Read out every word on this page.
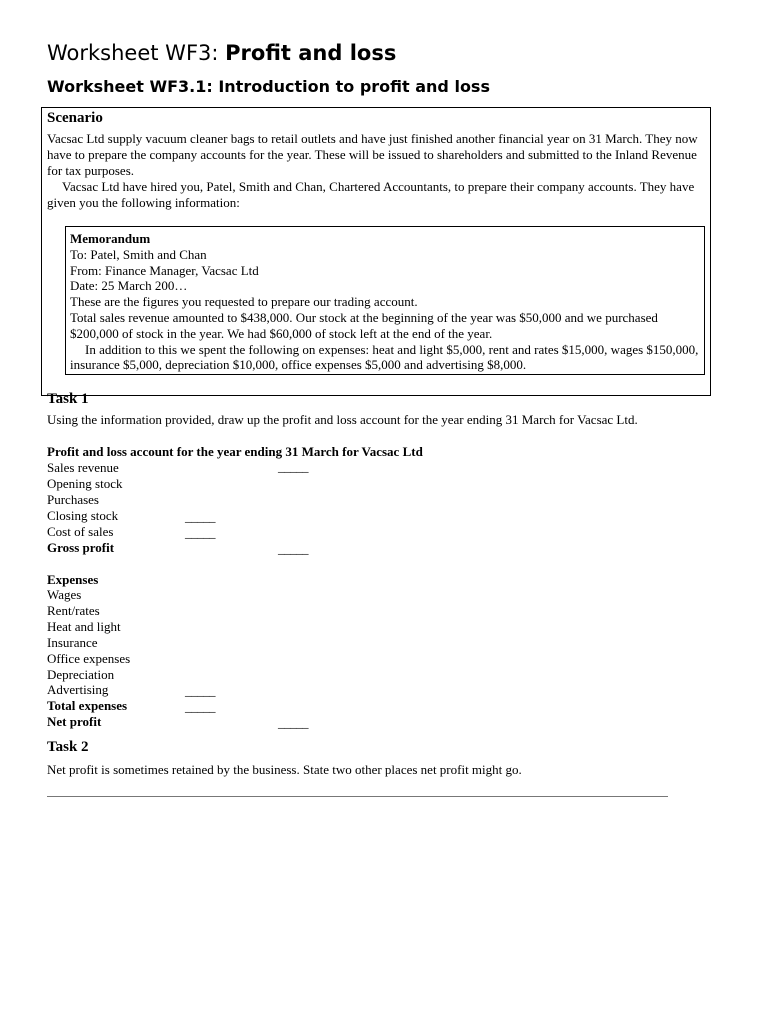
Worksheet WF3: Profit and loss
Worksheet WF3.1: Introduction to profit and loss
Scenario

Vacsac Ltd supply vacuum cleaner bags to retail outlets and have just finished another financial year on 31 March. They now have to prepare the company accounts for the year. These will be issued to shareholders and submitted to the Inland Revenue for tax purposes.

Vacsac Ltd have hired you, Patel, Smith and Chan, Chartered Accountants, to prepare their company accounts. They have given you the following information:

Memorandum
To: Patel, Smith and Chan
From: Finance Manager, Vacsac Ltd
Date: 25 March 200…
These are the figures you requested to prepare our trading account.
Total sales revenue amounted to $438,000. Our stock at the beginning of the year was $50,000 and we purchased $200,000 of stock in the year. We had $60,000 of stock left at the end of the year.
In addition to this we spent the following on expenses: heat and light $5,000, rent and rates $15,000, wages $150,000, insurance $5,000, depreciation $10,000, office expenses $5,000 and advertising $8,000.
Task 1
Using the information provided, draw up the profit and loss account for the year ending 31 March for Vacsac Ltd.
Profit and loss account for the year ending 31 March for Vacsac Ltd
Sales revenue	_____
Opening stock
Purchases
Closing stock	_____
Cost of sales	_____
Gross profit	_____
Expenses
Wages
Rent/rates
Heat and light
Insurance
Office expenses
Depreciation
Advertising	_____
Total expenses	_____
Net profit	_____
Task 2
Net profit is sometimes retained by the business. State two other places net profit might go.
